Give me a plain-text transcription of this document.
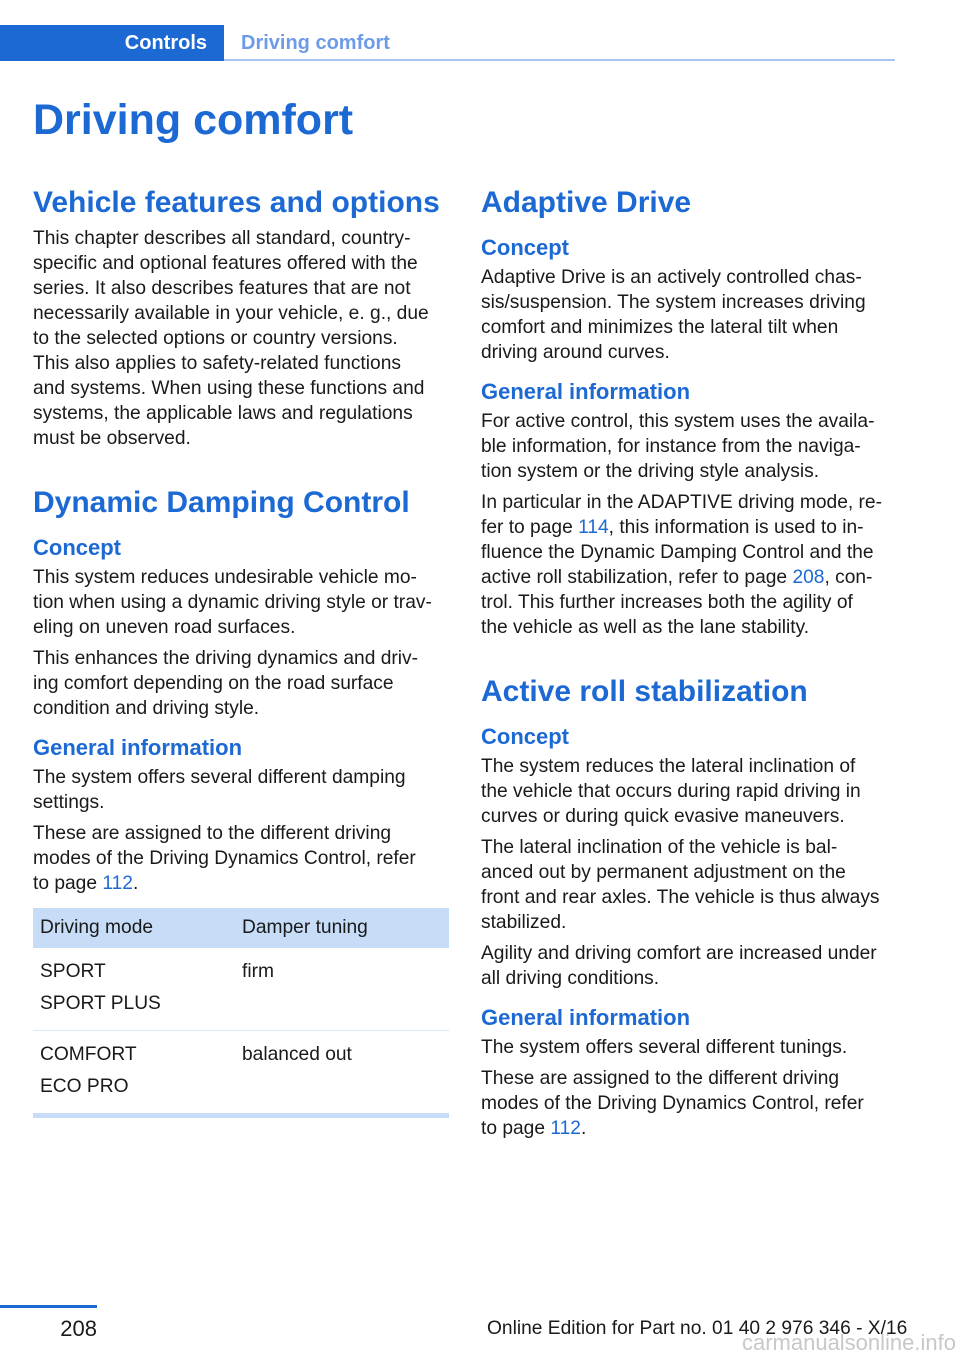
Controls	Driving comfort
Driving comfort
Vehicle features and options

This chapter describes all standard, country-
specific and optional features offered with the
series. It also describes features that are not
necessarily available in your vehicle, e. g., due
to the selected options or country versions.
This also applies to safety-related functions
and systems. When using these functions and
systems, the applicable laws and regulations
must be observed.

Dynamic Damping Control
Concept

This system reduces undesirable vehicle mo-
tion when using a dynamic driving style or trav-
eling on uneven road surfaces.

This enhances the driving dynamics and driv-
ing comfort depending on the road surface
condition and driving style.

General information

The system offers several different damping
settings.

These are assigned to the different driving
modes of the Driving Dynamics Control, refer
to page 112.

Driving mode	Damper tuning
SPORT
SPORT PLUS	firm
COMFORT
ECO PRO	balanced out
Adaptive Drive
Concept

Adaptive Drive is an actively controlled chas-
sis/suspension. The system increases driving
comfort and minimizes the lateral tilt when
driving around curves.

General information

For active control, this system uses the availa-
ble information, for instance from the naviga-
tion system or the driving style analysis.

In particular in the ADAPTIVE driving mode, re-
fer to page 114, this information is used to in-
fluence the Dynamic Damping Control and the
active roll stabilization, refer to page 208, con-
trol. This further increases both the agility of
the vehicle as well as the lane stability.

Active roll stabilization
Concept

The system reduces the lateral inclination of
the vehicle that occurs during rapid driving in
curves or during quick evasive maneuvers.

The lateral inclination of the vehicle is bal-
anced out by permanent adjustment on the
front and rear axles. The vehicle is thus always
stabilized.

Agility and driving comfort are increased under
all driving conditions.

General information

The system offers several different tunings.

These are assigned to the different driving
modes of the Driving Dynamics Control, refer
to page 112.

208	Online Edition for Part no. 01 40 2 976 346 - X/16
carmanualsonline.info
